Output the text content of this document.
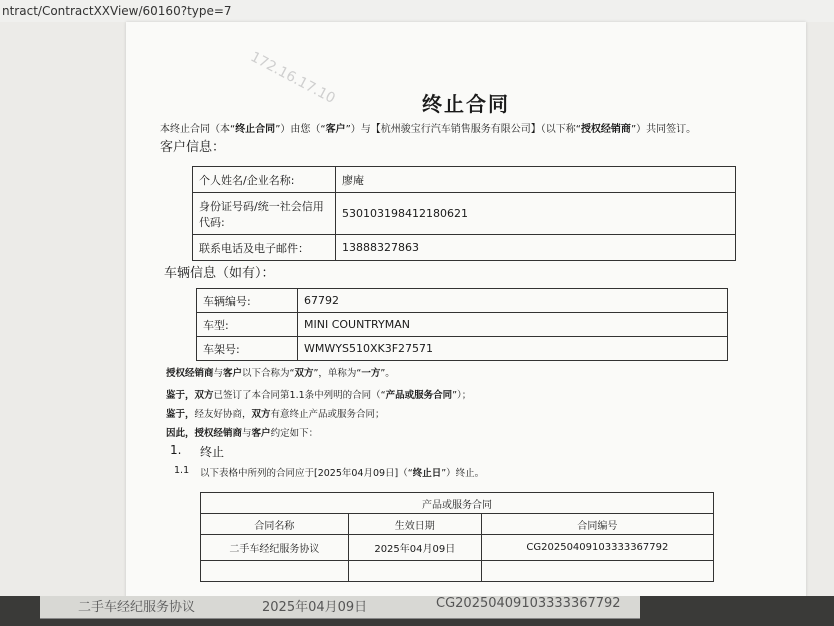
ntract/ContractXXView/60160?type=7
172.16.17.10	终止合同
本终止合同（本“终止合同”）由您（“客户”）与【杭州骏宝行汽车销售服务有限公司】（以下称“授权经销商”）共同签订。
客户信息：
个人姓名/企业名称:	廖庵
身份证号码/统一社会信用代码:	530103198412180621
联系电话及电子邮件：	13888327863
车辆信息（如有）：
车辆编号:	67792
车型:	MINI COUNTRYMAN
车架号:	WMWYS510XK3F27571
授权经销商与客户以下合称为“双方”，单称为“一方”。
鉴于，双方已签订了本合同第1.1条中列明的合同（“产品或服务合同”）；
鉴于，经友好协商，双方有意终止产品或服务合同；
因此，授权经销商与客户约定如下：
1. 终止
1.1 以下表格中所列的合同应于[2025年04月09日]（“终止日”）终止。
产品或服务合同		
合同名称	生效日期	合同编号
二手车经纪服务协议	2025年04月09日	CG20250409103333367792

二手车经纪服务协议	2025年04月09日	CG20250409103333367792
